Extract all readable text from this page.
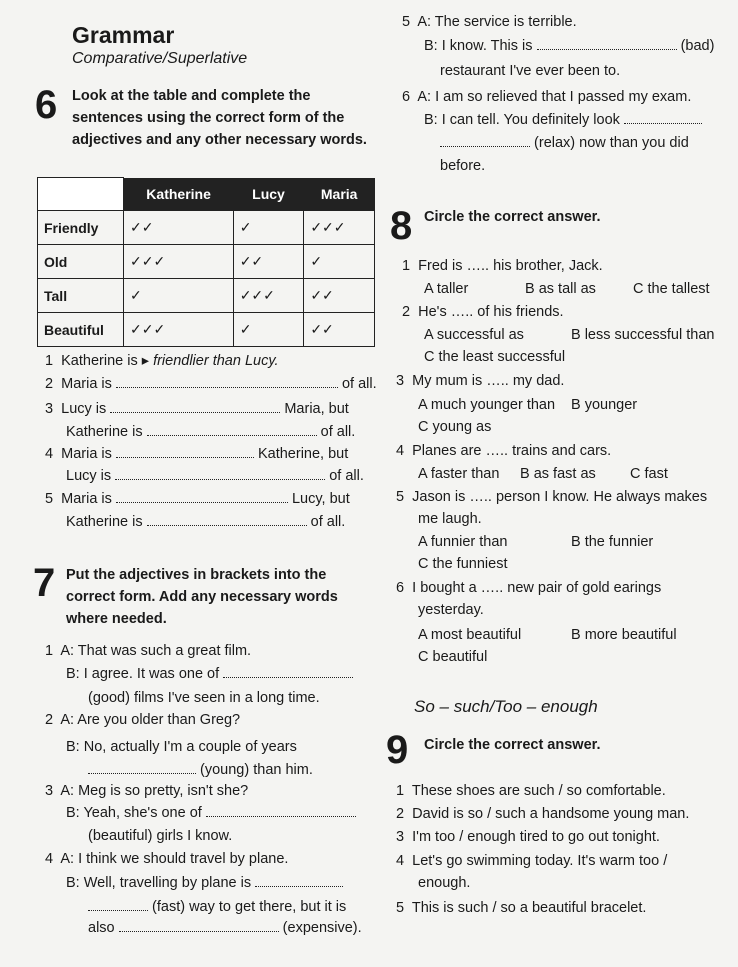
Grammar
Comparative/Superlative
6 Look at the table and complete the
sentences using the correct form of the
adjectives and any other necessary words.
	Katherine	Lucy	Maria
Friendly	✓✓	✓	✓✓✓
Old	✓✓✓	✓✓	✓
Tall	✓	✓✓✓	✓✓
Beautiful	✓✓✓	✓	✓✓
1 Katherine is ▸ friendlier than Lucy.
2 Maria is	of all.
3 Lucy is	Maria, but
Katherine is	of all.
4 Maria is	Katherine, but
Lucy is	of all.
5 Maria is	Lucy, but
Katherine is	of all.
7 Put the adjectives in brackets into the
correct form. Add any necessary words
where needed.
1 A: That was such a great film.
B: I agree. It was one of
(good) films I've seen in a long time.
2 A: Are you older than Greg?
B: No, actually I'm a couple of years
(young) than him.
3 A: Meg is so pretty, isn't she?
B: Yeah, she's one of
(beautiful) girls I know.
4 A: I think we should travel by plane.
B: Well, travelling by plane is
(fast) way to get there, but it is
also	(expensive).
5 A: The service is terrible.
B: I know. This is	(bad)
restaurant I've ever been to.
6 A: I am so relieved that I passed my exam.
B: I can tell. You definitely look
(relax) now than you did
before.
8 Circle the correct answer.
1 Fred is ….. his brother, Jack.
A taller	B as tall as	C the tallest
2 He's ….. of his friends.
A successful as	B less successful than
C the least successful
3 My mum is ….. my dad.
A much younger than B younger
C young as
4 Planes are ….. trains and cars.
A faster than B as fast as C fast
5 Jason is ….. person I know. He always makes
me laugh.
A funnier than	B the funnier
C the funniest
6 I bought a ….. new pair of gold earings
yesterday.
A most beautiful	B more beautiful
C beautiful
So – such/Too – enough
9 Circle the correct answer.
1 These shoes are such / so comfortable.
2 David is so / such a handsome young man.
3 I'm too / enough tired to go out tonight.
4 Let's go swimming today. It's warm too /
enough.
5 This is such / so a beautiful bracelet.
